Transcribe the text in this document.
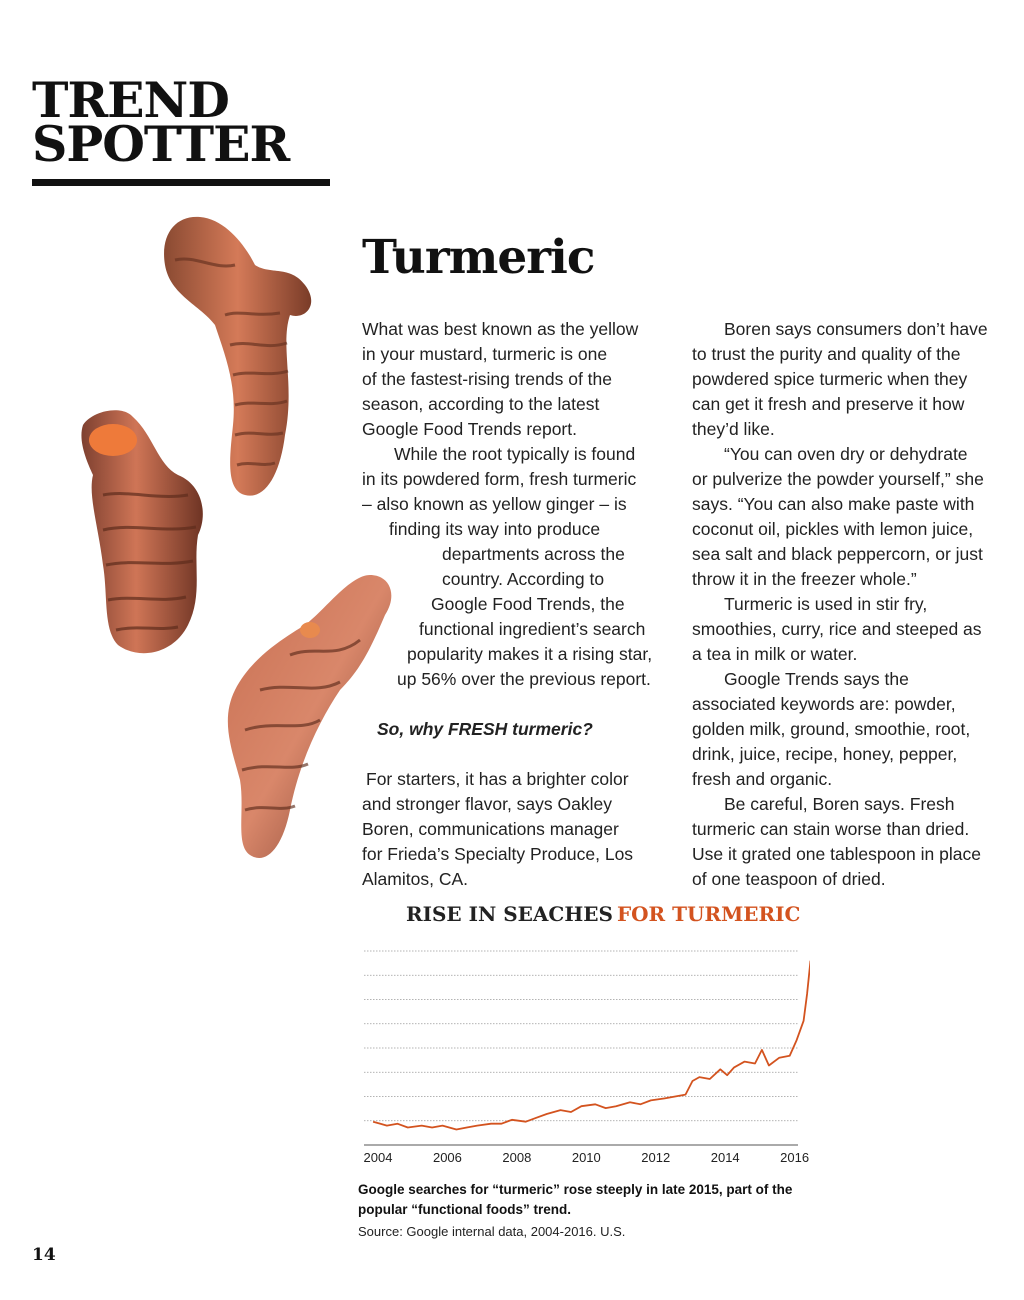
TREND
SPOTTER
Turmeric

What was best known as the yellow
in your mustard, turmeric is one
of the fastest-rising trends of the
season, according to the latest
Google Food Trends report.

While the root typically is found
in its powdered form, fresh turmeric
– also known as yellow ginger – is
finding its way into produce
departments across the
country. According to
Google Food Trends, the
functional ingredient’s search
popularity makes it a rising star,
up 56% over the previous report.

So, why FRESH turmeric?

For starters, it has a brighter color
and stronger flavor, says Oakley
Boren, communications manager
for Frieda’s Specialty Produce, Los
Alamitos, CA.

Boren says consumers don’t have
to trust the purity and quality of the
powdered spice turmeric when they
can get it fresh and preserve it how
they’d like.

“You can oven dry or dehydrate
or pulverize the powder yourself,” she
says. “You can also make paste with
coconut oil, pickles with lemon juice,
sea salt and black peppercorn, or just
throw it in the freezer whole.”

Turmeric is used in stir fry,
smoothies, curry, rice and steeped as
a tea in milk or water.

Google Trends says the
associated keywords are: powder,
golden milk, ground, smoothie, root,
drink, juice, recipe, honey, pepper,
fresh and organic.

Be careful, Boren says. Fresh
turmeric can stain worse than dried.
Use it grated one tablespoon in place
of one teaspoon of dried.

RISE IN SEACHES FOR TURMERIC
2004	2006	2008	2010	2012	2014	2016

Google searches for “turmeric” rose steeply in late 2015, part of the popular “functional foods” trend.

Source: Google internal data, 2004-2016. U.S.

14
